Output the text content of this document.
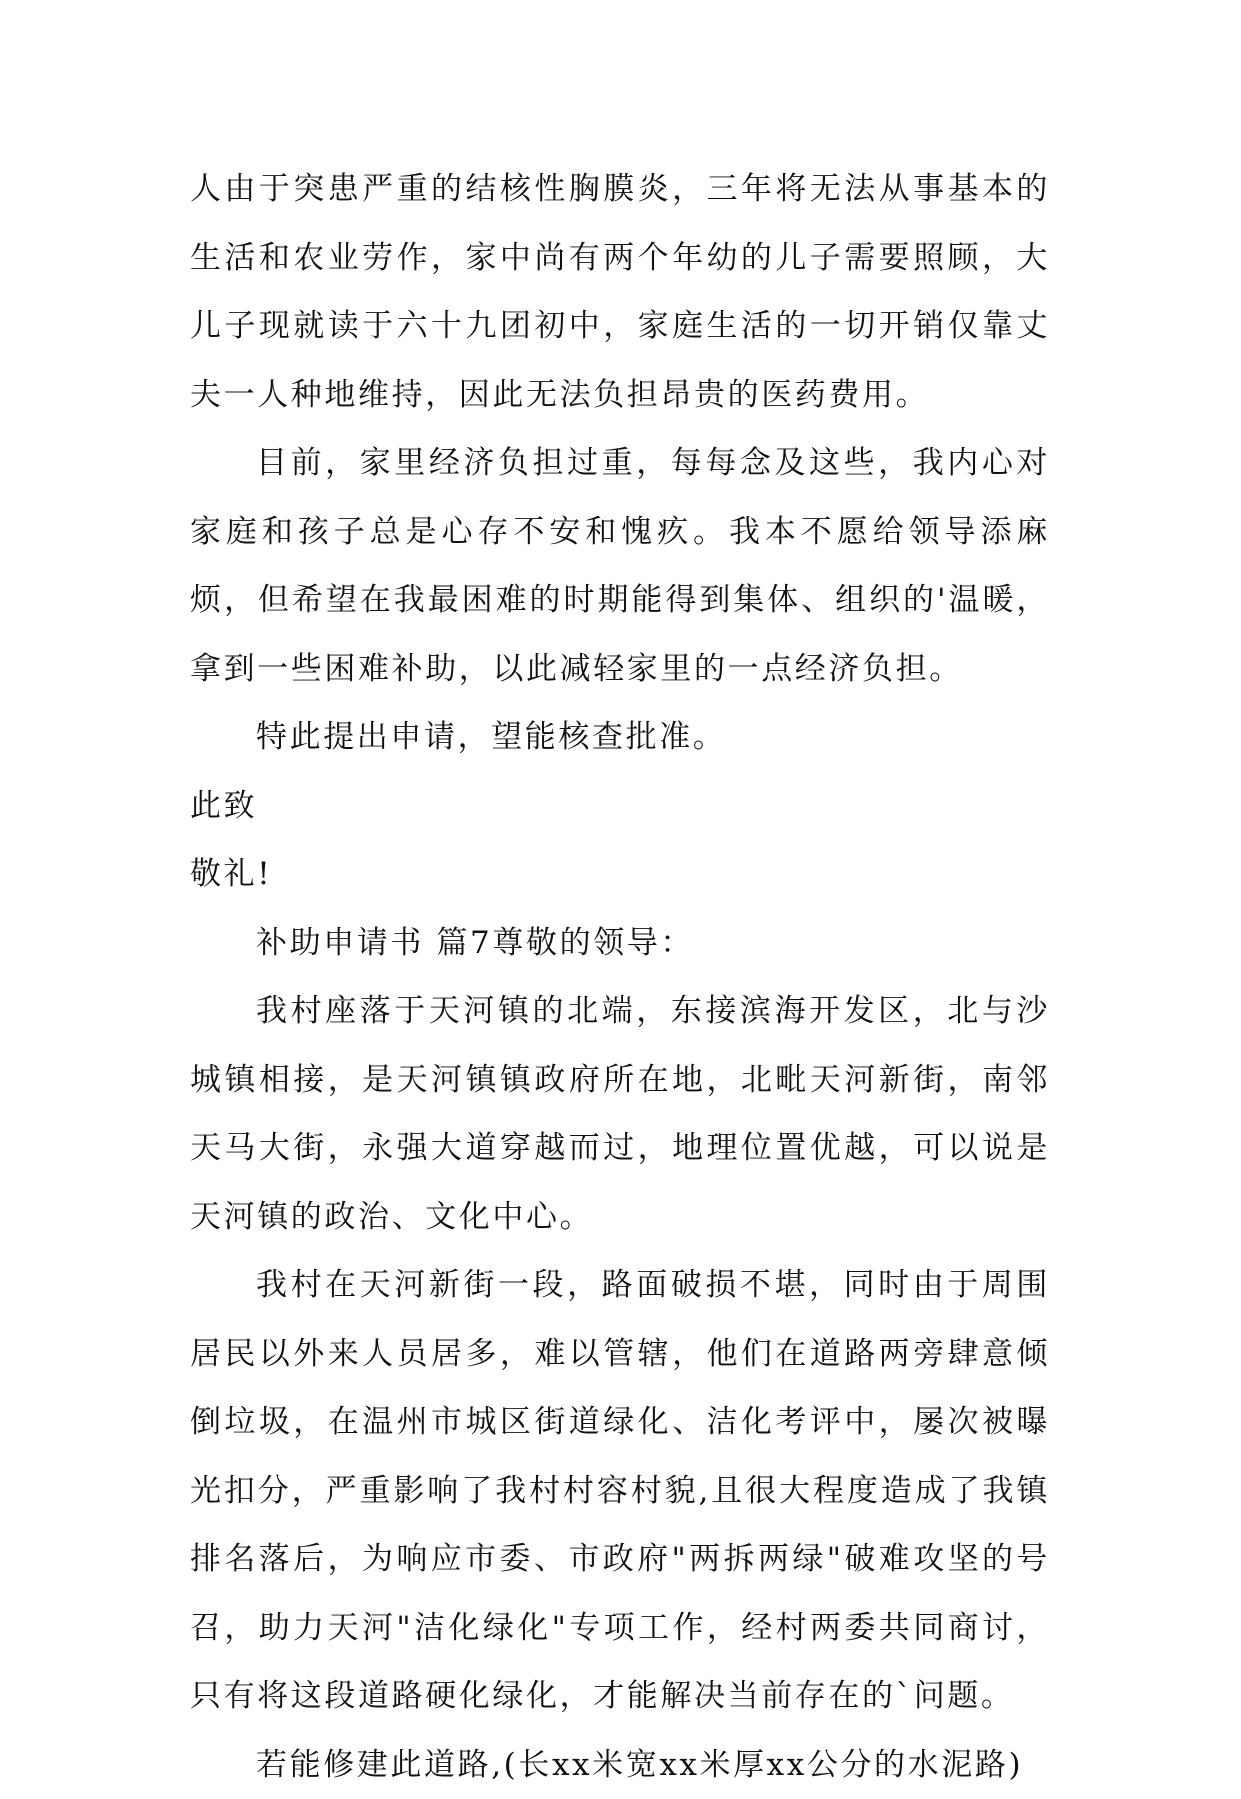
人由于突患严重的结核性胸膜炎，三年将无法从事基本的生活和农业劳作，家中尚有两个年幼的儿子需要照顾，大儿子现就读于六十九团初中，家庭生活的一切开销仅靠丈夫一人种地维持，因此无法负担昂贵的医药费用。

目前，家里经济负担过重，每每念及这些，我内心对家庭和孩子总是心存不安和愧疚。我本不愿给领导添麻烦，但希望在我最困难的时期能得到集体、组织的'温暖，拿到一些困难补助，以此减轻家里的一点经济负担。

特此提出申请，望能核查批准。

此致

敬礼!

补助申请书 篇7尊敬的领导：

我村座落于天河镇的北端，东接滨海开发区，北与沙城镇相接，是天河镇镇政府所在地，北毗天河新街，南邻天马大街，永强大道穿越而过，地理位置优越，可以说是天河镇的政治、文化中心。

我村在天河新街一段，路面破损不堪，同时由于周围居民以外来人员居多，难以管辖，他们在道路两旁肆意倾倒垃圾，在温州市城区街道绿化、洁化考评中，屡次被曝光扣分，严重影响了我村村容村貌,且很大程度造成了我镇排名落后，为响应市委、市政府"两拆两绿"破难攻坚的号召，助力天河"洁化绿化"专项工作，经村两委共同商讨，只有将这段道路硬化绿化，才能解决当前存在的`问题。

若能修建此道路,(长xx米宽xx米厚xx公分的水泥路)
